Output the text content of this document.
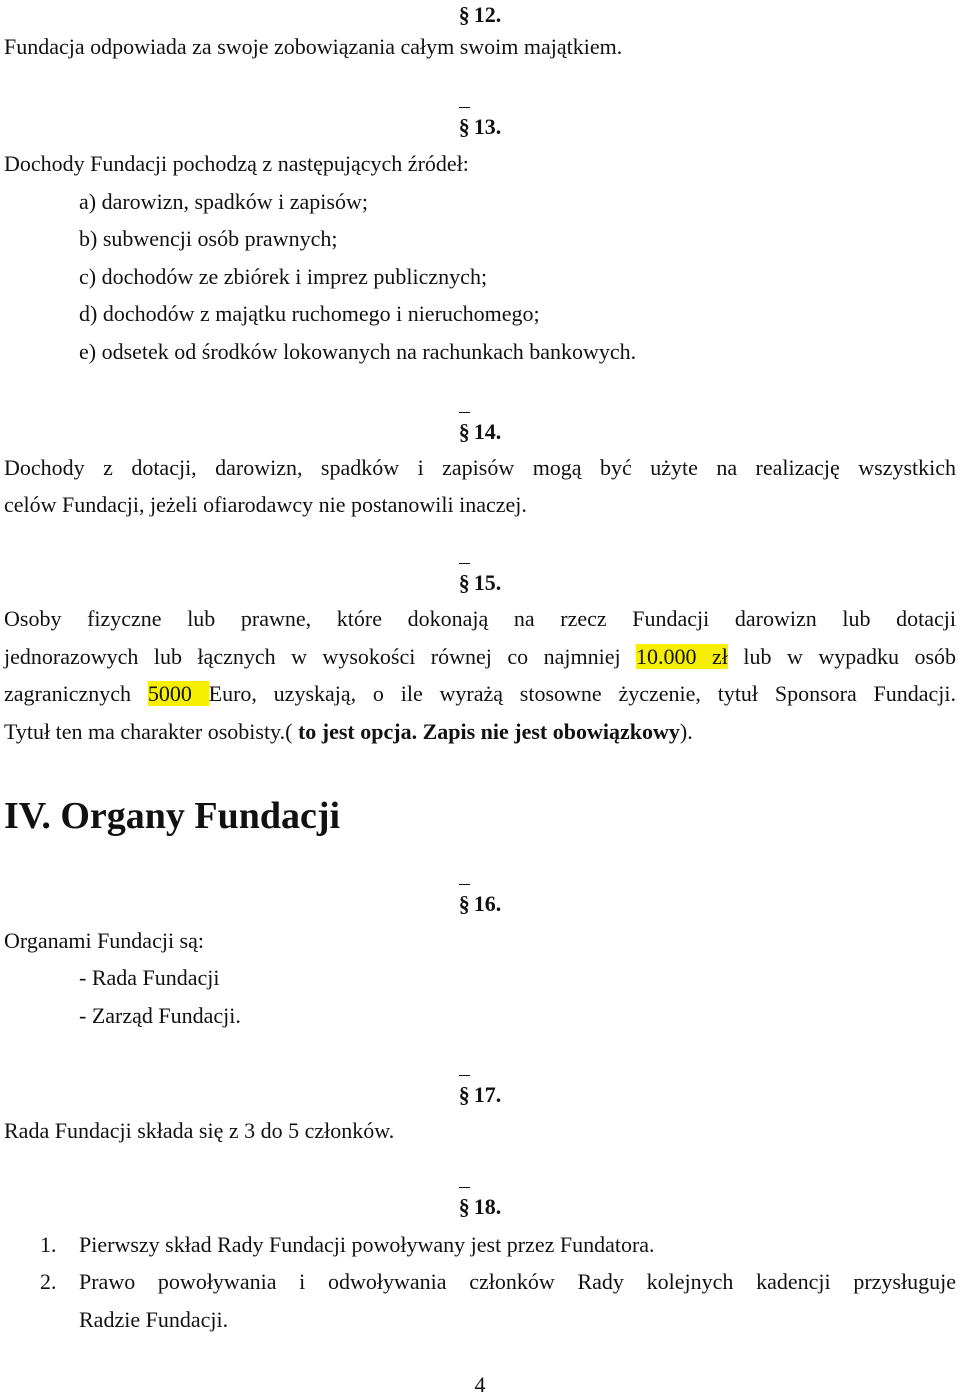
§ 12.
Fundacja odpowiada za swoje zobowiązania całym swoim majątkiem.
§ 13.
Dochody Fundacji pochodzą z następujących źródeł:
a) darowizn, spadków i zapisów;
b) subwencji osób prawnych;
c) dochodów ze zbiórek i imprez publicznych;
d) dochodów z majątku ruchomego i nieruchomego;
e) odsetek od środków lokowanych na rachunkach bankowych.
§ 14.
Dochody z dotacji, darowizn, spadków i zapisów mogą być użyte na realizację wszystkich
celów Fundacji, jeżeli ofiarodawcy nie postanowili inaczej.
§ 15.
Osoby fizyczne lub prawne, które dokonają na rzecz Fundacji darowizn lub dotacji
jednorazowych lub łącznych w wysokości równej co najmniej 10.000 zł lub w wypadku osób
zagranicznych 5000 Euro, uzyskają, o ile wyrażą stosowne życzenie, tytuł Sponsora Fundacji.
Tytuł ten ma charakter osobisty.( to jest opcja. Zapis nie jest obowiązkowy).
IV. Organy Fundacji
§ 16.
Organami Fundacji są:
- Rada Fundacji
- Zarząd Fundacji.
§ 17.
Rada Fundacji składa się z 3 do 5 członków.
§ 18.
1. Pierwszy skład Rady Fundacji powoływany jest przez Fundatora.
2. Prawo powoływania i odwoływania członków Rady kolejnych kadencji przysługuje
Radzie Fundacji.
4
